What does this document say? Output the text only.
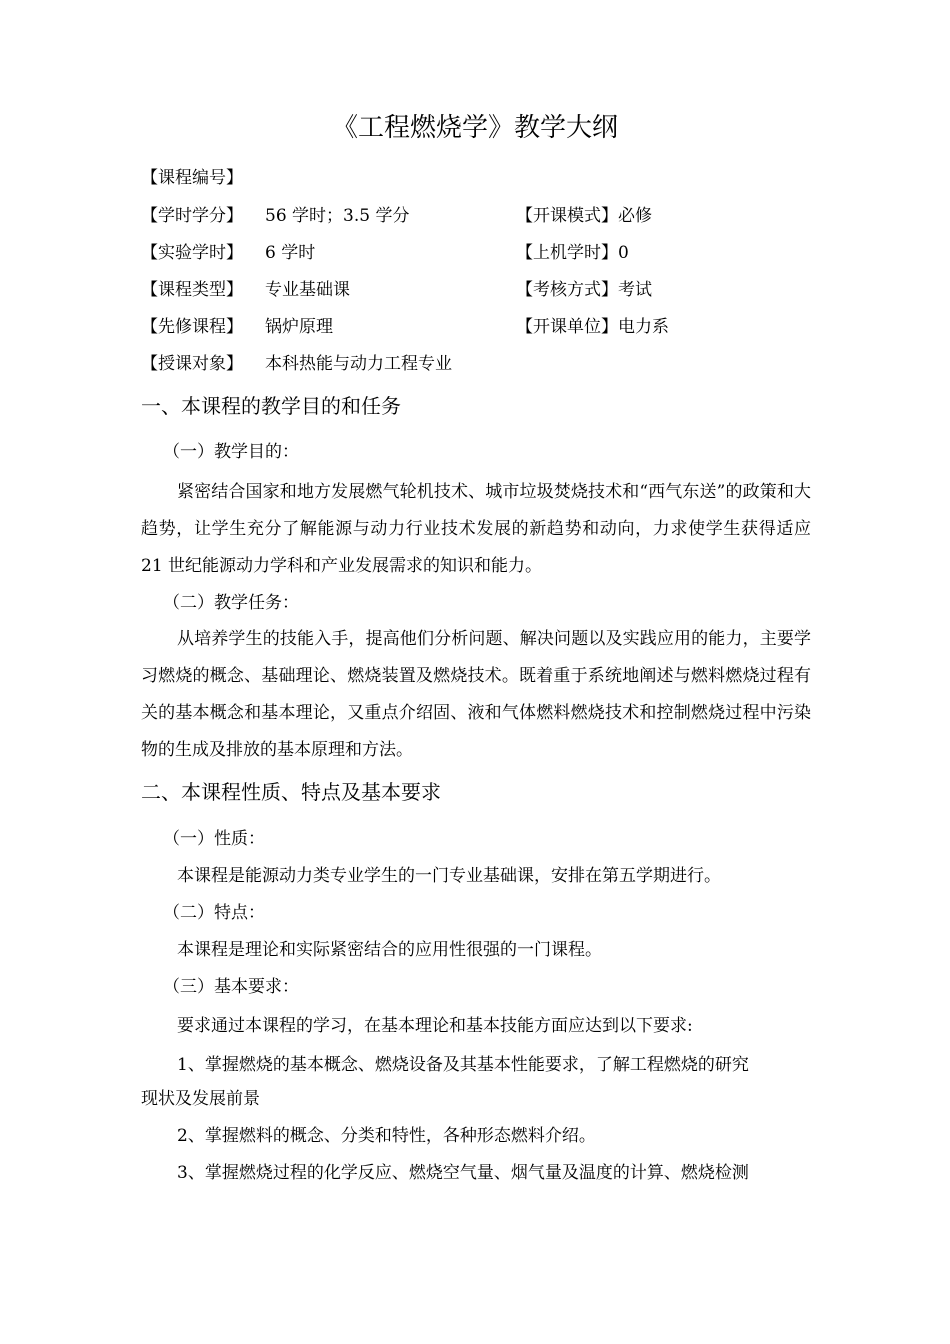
《工程燃烧学》教学大纲
【课程编号】
【学时学分】 56 学时；3.5 学分	【开课模式】必修
【实验学时】 6 学时	【上机学时】0
【课程类型】 专业基础课	【考核方式】考试
【先修课程】 锅炉原理	【开课单位】电力系
【授课对象】 本科热能与动力工程专业
一、本课程的教学目的和任务
（一）教学目的：
紧密结合国家和地方发展燃气轮机技术、城市垃圾焚烧技术和“西气东送”的政策和大趋势，让学生充分了解能源与动力行业技术发展的新趋势和动向，力求使学生获得适应 21 世纪能源动力学科和产业发展需求的知识和能力。
（二）教学任务：
从培养学生的技能入手，提高他们分析问题、解决问题以及实践应用的能力，主要学习燃烧的概念、基础理论、燃烧装置及燃烧技术。既着重于系统地阐述与燃料燃烧过程有关的基本概念和基本理论，又重点介绍固、液和气体燃料燃烧技术和控制燃烧过程中污染物的生成及排放的基本原理和方法。
二、本课程性质、特点及基本要求
（一）性质：
本课程是能源动力类专业学生的一门专业基础课，安排在第五学期进行。
（二）特点：
本课程是理论和实际紧密结合的应用性很强的一门课程。
（三）基本要求：
要求通过本课程的学习，在基本理论和基本技能方面应达到以下要求:
1、掌握燃烧的基本概念、燃烧设备及其基本性能要求，了解工程燃烧的研究
现状及发展前景
2、掌握燃料的概念、分类和特性，各种形态燃料介绍。
3、掌握燃烧过程的化学反应、燃烧空气量、烟气量及温度的计算、燃烧检测
